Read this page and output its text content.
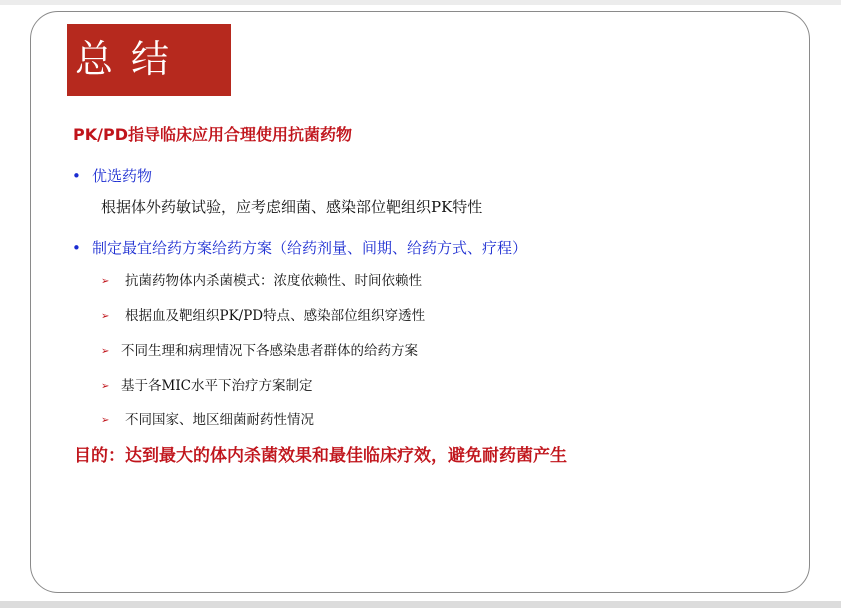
总结
PK/PD指导临床应用合理使用抗菌药物
• 优选药物
根据体外药敏试验，应考虑细菌、感染部位靶组织PK特性
• 制定最宜给药方案给药方案（给药剂量、间期、给药方式、疗程）
➢ 抗菌药物体内杀菌模式：浓度依赖性、时间依赖性
➢ 根据血及靶组织PK/PD特点、感染部位组织穿透性
➢ 不同生理和病理情况下各感染患者群体的给药方案
➢ 基于各MIC水平下治疗方案制定
➢ 不同国家、地区细菌耐药性情况
目的：达到最大的体内杀菌效果和最佳临床疗效，避免耐药菌产生
